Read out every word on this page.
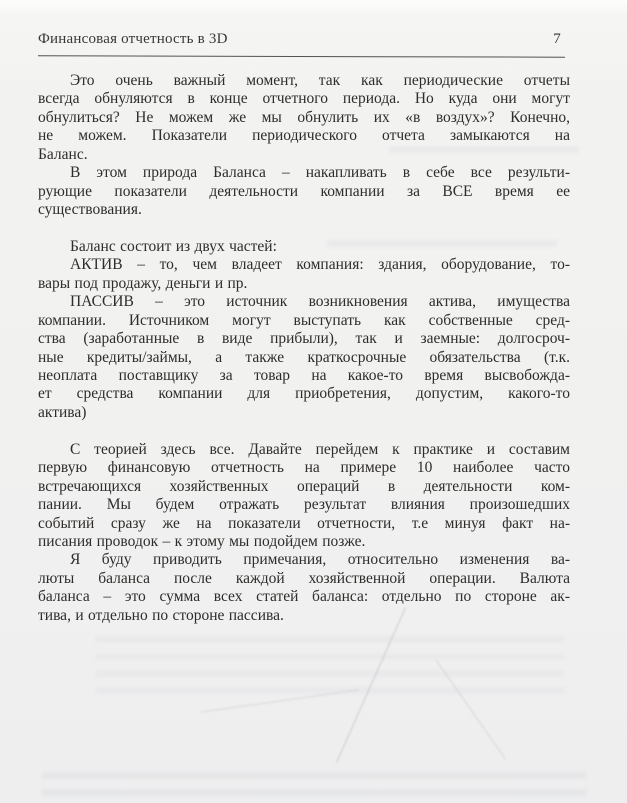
Финансовая отчетность в 3D	7
Это очень важный момент, так как периодические отчеты
всегда обнуляются в конце отчетного периода. Но куда они могут
обнулиться? Не можем же мы обнулить их «в воздух»? Конечно,
не можем. Показатели периодического отчета замыкаются на
Баланс.
В этом природа Баланса – накапливать в себе все результи-
рующие показатели деятельности компании за ВСЕ время ее
существования.
Баланс состоит из двух частей:
АКТИВ – то, чем владеет компания: здания, оборудование, то-
вары под продажу, деньги и пр.
ПАССИВ – это источник возникновения актива, имущества
компании. Источником могут выступать как собственные сред-
ства (заработанные в виде прибыли), так и заемные: долгосроч-
ные кредиты/займы, а также краткосрочные обязательства (т.к.
неоплата поставщику за товар на какое-то время высвобожда-
ет средства компании для приобретения, допустим, какого-то
актива)
С теорией здесь все. Давайте перейдем к практике и составим
первую финансовую отчетность на примере 10 наиболее часто
встречающихся хозяйственных операций в деятельности ком-
пании. Мы будем отражать результат влияния произошедших
событий сразу же на показатели отчетности, т.е минуя факт на-
писания проводок – к этому мы подойдем позже.
Я буду приводить примечания, относительно изменения ва-
люты баланса после каждой хозяйственной операции. Валюта
баланса – это сумма всех статей баланса: отдельно по стороне ак-
тива, и отдельно по стороне пассива.
